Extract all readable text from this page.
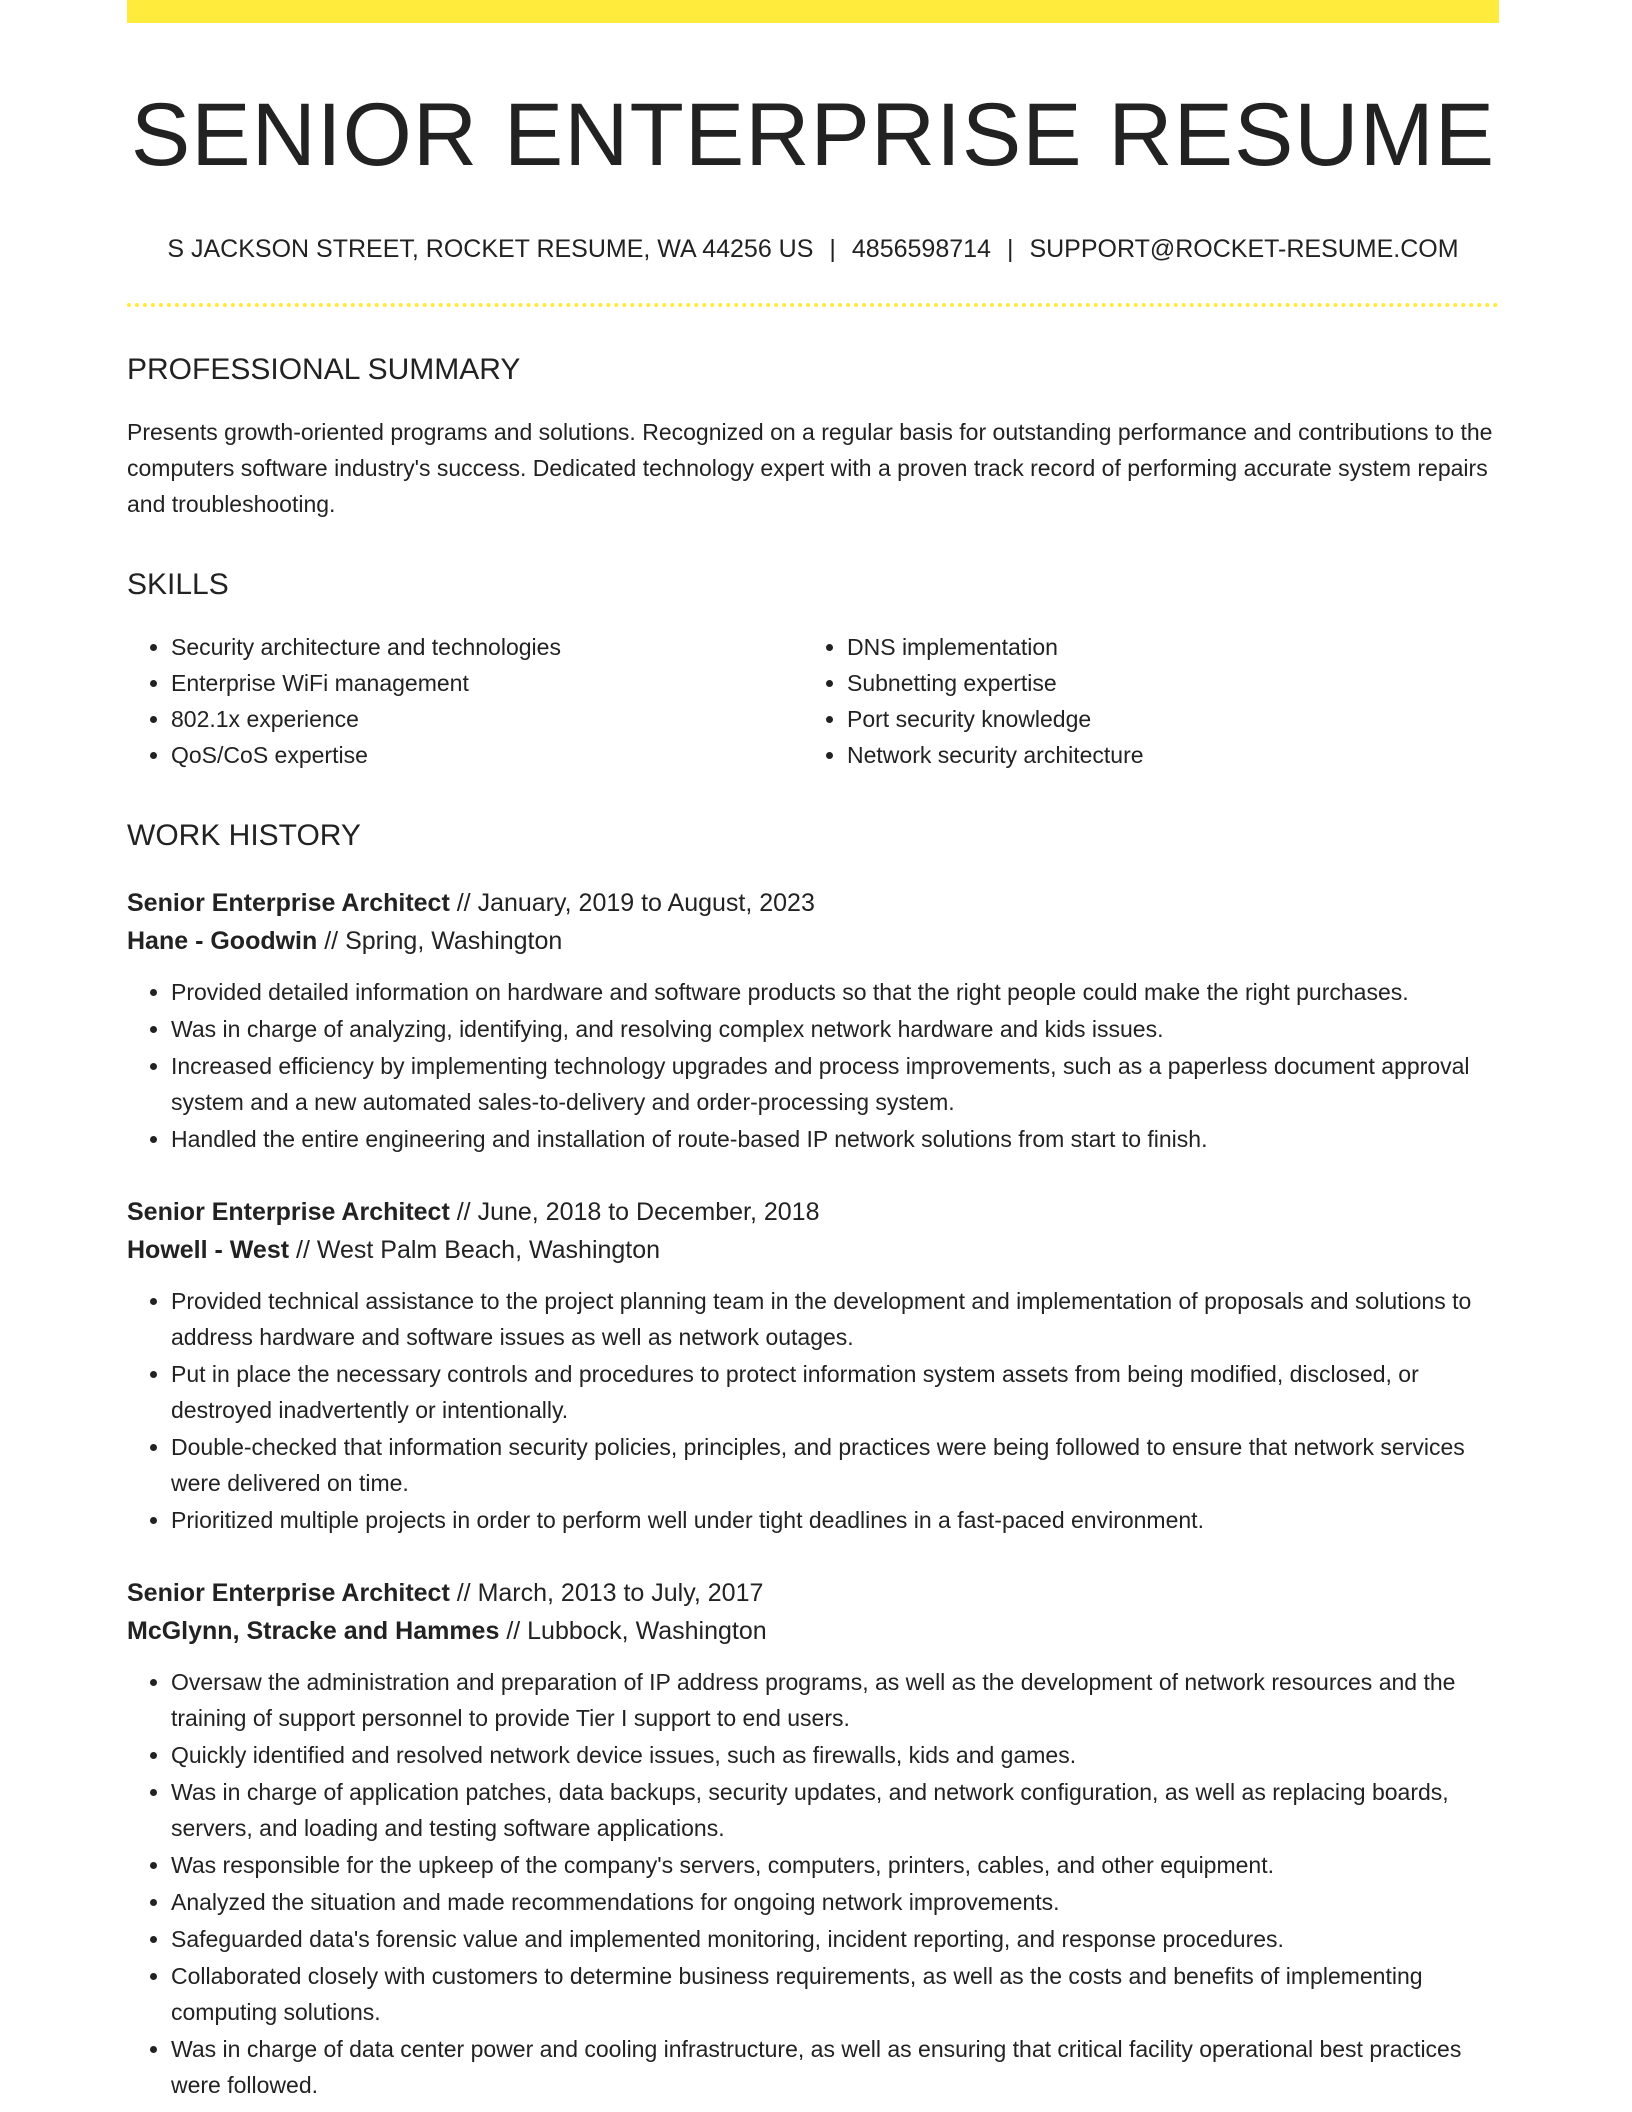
SENIOR ENTERPRISE RESUME
S JACKSON STREET, ROCKET RESUME, WA 44256 US | 4856598714 | SUPPORT@ROCKET-RESUME.COM
PROFESSIONAL SUMMARY
Presents growth-oriented programs and solutions. Recognized on a regular basis for outstanding performance and contributions to the computers software industry's success. Dedicated technology expert with a proven track record of performing accurate system repairs and troubleshooting.
SKILLS
• Security architecture and technologies
• Enterprise WiFi management
• 802.1x experience
• QoS/CoS expertise
• DNS implementation
• Subnetting expertise
• Port security knowledge
• Network security architecture
WORK HISTORY
Senior Enterprise Architect // January, 2019 to August, 2023
Hane - Goodwin // Spring, Washington
• Provided detailed information on hardware and software products so that the right people could make the right purchases.
• Was in charge of analyzing, identifying, and resolving complex network hardware and kids issues.
• Increased efficiency by implementing technology upgrades and process improvements, such as a paperless document approval system and a new automated sales-to-delivery and order-processing system.
• Handled the entire engineering and installation of route-based IP network solutions from start to finish.
Senior Enterprise Architect // June, 2018 to December, 2018
Howell - West // West Palm Beach, Washington
• Provided technical assistance to the project planning team in the development and implementation of proposals and solutions to address hardware and software issues as well as network outages.
• Put in place the necessary controls and procedures to protect information system assets from being modified, disclosed, or destroyed inadvertently or intentionally.
• Double-checked that information security policies, principles, and practices were being followed to ensure that network services were delivered on time.
• Prioritized multiple projects in order to perform well under tight deadlines in a fast-paced environment.
Senior Enterprise Architect // March, 2013 to July, 2017
McGlynn, Stracke and Hammes // Lubbock, Washington
• Oversaw the administration and preparation of IP address programs, as well as the development of network resources and the training of support personnel to provide Tier I support to end users.
• Quickly identified and resolved network device issues, such as firewalls, kids and games.
• Was in charge of application patches, data backups, security updates, and network configuration, as well as replacing boards, servers, and loading and testing software applications.
• Was responsible for the upkeep of the company's servers, computers, printers, cables, and other equipment.
• Analyzed the situation and made recommendations for ongoing network improvements.
• Safeguarded data's forensic value and implemented monitoring, incident reporting, and response procedures.
• Collaborated closely with customers to determine business requirements, as well as the costs and benefits of implementing computing solutions.
• Was in charge of data center power and cooling infrastructure, as well as ensuring that critical facility operational best practices were followed.
